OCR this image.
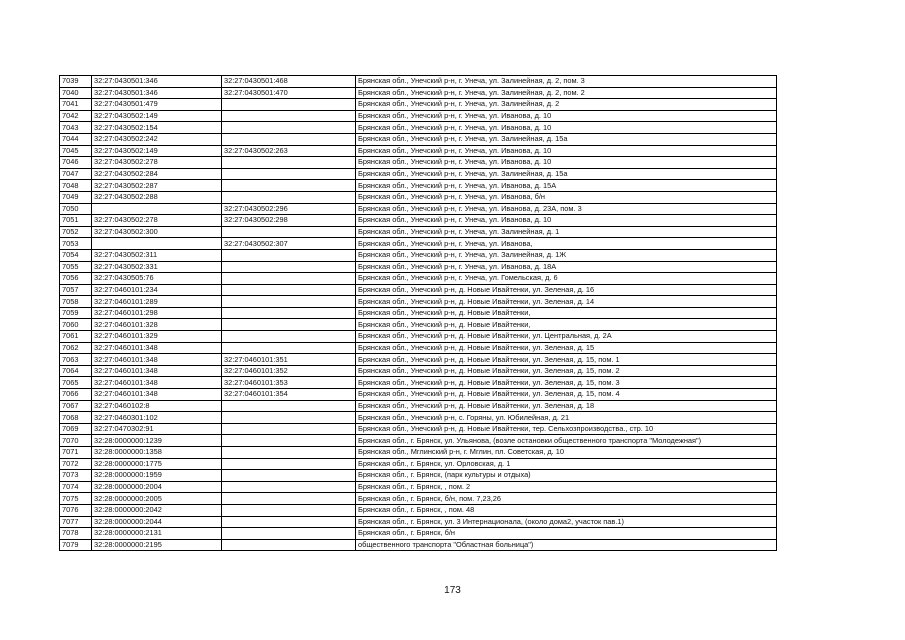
7039	32:27:0430501:346	32:27:0430501:468	Брянская обл., Унечский р-н, г. Унеча, ул. Залинейная, д. 2, пом. 3
7040	32:27:0430501:346	32:27:0430501:470	Брянская обл., Унечский р-н, г. Унеча, ул. Залинейная, д. 2, пом. 2
7041	32:27:0430501:479		Брянская обл., Унечский р-н, г. Унеча, ул. Залинейная, д. 2
7042	32:27:0430502:149		Брянская обл., Унечский р-н, г. Унеча, ул. Иванова, д. 10
7043	32:27:0430502:154		Брянская обл., Унечский р-н, г. Унеча, ул. Иванова, д. 10
7044	32:27:0430502:242		Брянская обл., Унечский р-н, г. Унеча, ул. Залинейная, д. 15а
7045	32:27:0430502:149	32:27:0430502:263	Брянская обл., Унечский р-н, г. Унеча, ул. Иванова, д. 10
7046	32:27:0430502:278		Брянская обл., Унечский р-н, г. Унеча, ул. Иванова, д. 10
7047	32:27:0430502:284		Брянская обл., Унечский р-н, г. Унеча, ул. Залинейная, д. 15а
7048	32:27:0430502:287		Брянская обл., Унечский р-н, г. Унеча, ул. Иванова, д. 15А
7049	32:27:0430502:288		Брянская обл., Унечский р-н, г. Унеча, ул. Иванова, б/н
7050		32:27:0430502:296	Брянская обл., Унечский р-н, г. Унеча, ул. Иванова, д. 23А, пом. 3
7051	32:27:0430502:278	32:27:0430502:298	Брянская обл., Унечский р-н, г. Унеча, ул. Иванова, д. 10
7052	32:27:0430502:300		Брянская обл., Унечский р-н, г. Унеча, ул. Залинейная, д. 1
7053		32:27:0430502:307	Брянская обл., Унечский р-н, г. Унеча, ул. Иванова,
7054	32:27:0430502:311		Брянская обл., Унечский р-н, г. Унеча, ул. Залинейная, д. 1Ж
7055	32:27:0430502:331		Брянская обл., Унечский р-н, г. Унеча, ул. Иванова, д. 18А
7056	32:27:0430505:76		Брянская обл., Унечский р-н, г. Унеча, ул. Гомельская, д. 6
7057	32:27:0460101:234		Брянская обл., Унечский р-н, д. Новые Ивайтенки, ул. Зеленая, д. 16
7058	32:27:0460101:289		Брянская обл., Унечский р-н, д. Новые Ивайтенки, ул. Зеленая, д. 14
7059	32:27:0460101:298		Брянская обл., Унечский р-н, д. Новые Ивайтенки,
7060	32:27:0460101:328		Брянская обл., Унечский р-н, д. Новые Ивайтенки,
7061	32:27:0460101:329		Брянская обл., Унечский р-н, д. Новые Ивайтенки, ул. Центральная, д. 2А
7062	32:27:0460101:348		Брянская обл., Унечский р-н, д. Новые Ивайтенки, ул. Зеленая, д. 15
7063	32:27:0460101:348	32:27:0460101:351	Брянская обл., Унечский р-н, д. Новые Ивайтенки, ул. Зеленая, д. 15, пом. 1
7064	32:27:0460101:348	32:27:0460101:352	Брянская обл., Унечский р-н, д. Новые Ивайтенки, ул. Зеленая, д. 15, пом. 2
7065	32:27:0460101:348	32:27:0460101:353	Брянская обл., Унечский р-н, д. Новые Ивайтенки, ул. Зеленая, д. 15, пом. 3
7066	32:27:0460101:348	32:27:0460101:354	Брянская обл., Унечский р-н, д. Новые Ивайтенки, ул. Зеленая, д. 15, пом. 4
7067	32:27:0460102:8		Брянская обл., Унечский р-н, д. Новые Ивайтенки, ул. Зеленая, д. 18
7068	32:27:0460301:102		Брянская обл., Унечский р-н, с. Горяны, ул. Юбилейная, д. 21
7069	32:27:0470302:91		Брянская обл., Унечский р-н, д. Новые Ивайтенки, тер. Сельхозпроизводства., стр. 10
7070	32:28:0000000:1239		Брянская обл., г. Брянск, ул. Ульянова, (возле остановки общественного транспорта "Молодежная")
7071	32:28:0000000:1358		Брянская обл., Мглинский р-н, г. Мглин, пл. Советская, д. 10
7072	32:28:0000000:1775		Брянская обл., г. Брянск, ул. Орловская, д. 1
7073	32:28:0000000:1959		Брянская обл., г. Брянск, (парк культуры и отдыха)
7074	32:28:0000000:2004		Брянская обл., г. Брянск, , пом. 2
7075	32:28:0000000:2005		Брянская обл., г. Брянск, б/н, пом. 7,23,26
7076	32:28:0000000:2042		Брянская обл., г. Брянск, , пом. 48
7077	32:28:0000000:2044		Брянская обл., г. Брянск, ул. 3 Интернационала, (около дома2, участок пав.1)
7078	32:28:0000000:2131		Брянская обл., г. Брянск, б/н
7079	32:28:0000000:2195		общественного транспорта "Областная больница")
173
